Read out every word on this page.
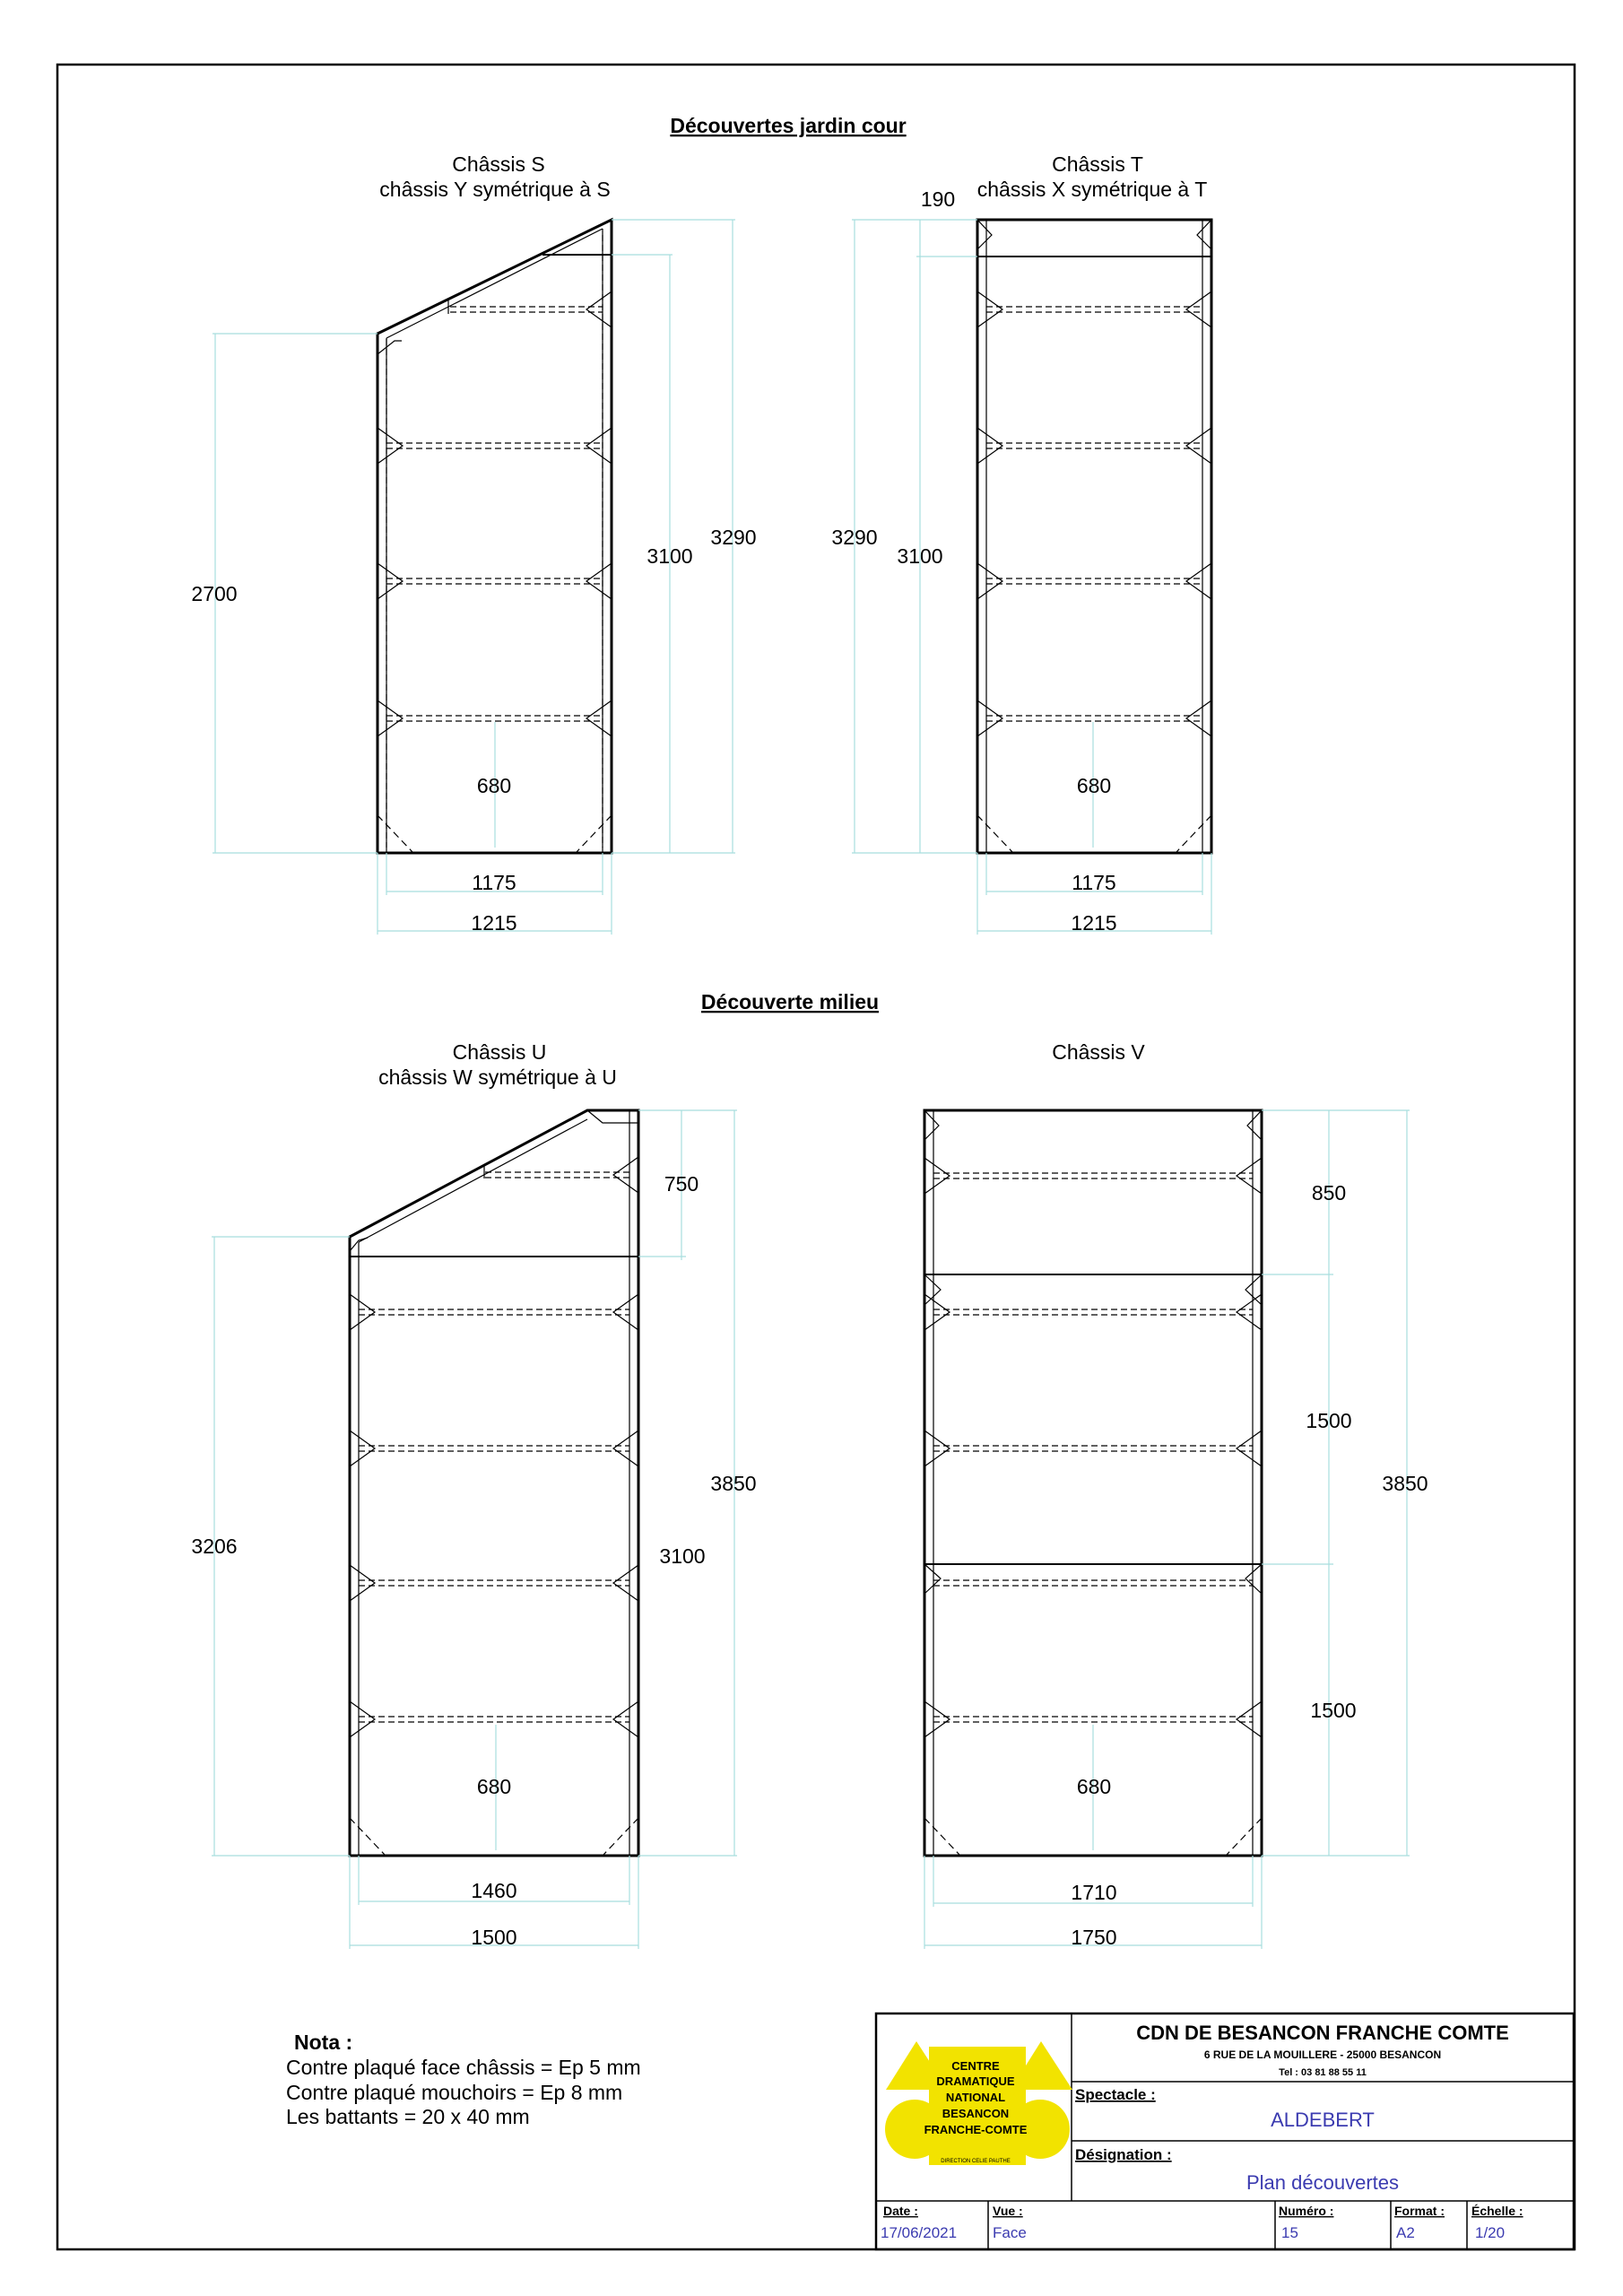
Découvertes jardin cour
Découverte milieu
Châssis S
châssis Y symétrique à S
2700
3100
3290
680
1175
1215
Châssis T
châssis X symétrique à T
190
3290
3100
680
1175
1215
Châssis U
châssis W symétrique à U
750
3850
3100
3206
680
1460
1500
Châssis V
850
1500
1500
3850
680
1710
1750
Nota :
Contre plaqué face châssis = Ep 5 mm
Contre plaqué mouchoirs = Ep 8 mm
Les battants = 20 x 40 mm
CENTRE
DRAMATIQUE
NATIONAL
BESANCON
FRANCHE-COMTE
DIRECTION CELIE PAUTHE
CDN DE BESANCON FRANCHE COMTE
6 RUE DE LA MOUILLERE - 25000 BESANCON
Tel : 03 81 88 55 11
Spectacle :
ALDEBERT
Désignation :
Plan découvertes
Date :
17/06/2021
Vue :
Face
Numéro :
15
Format :
A2
Échelle :
1/20
